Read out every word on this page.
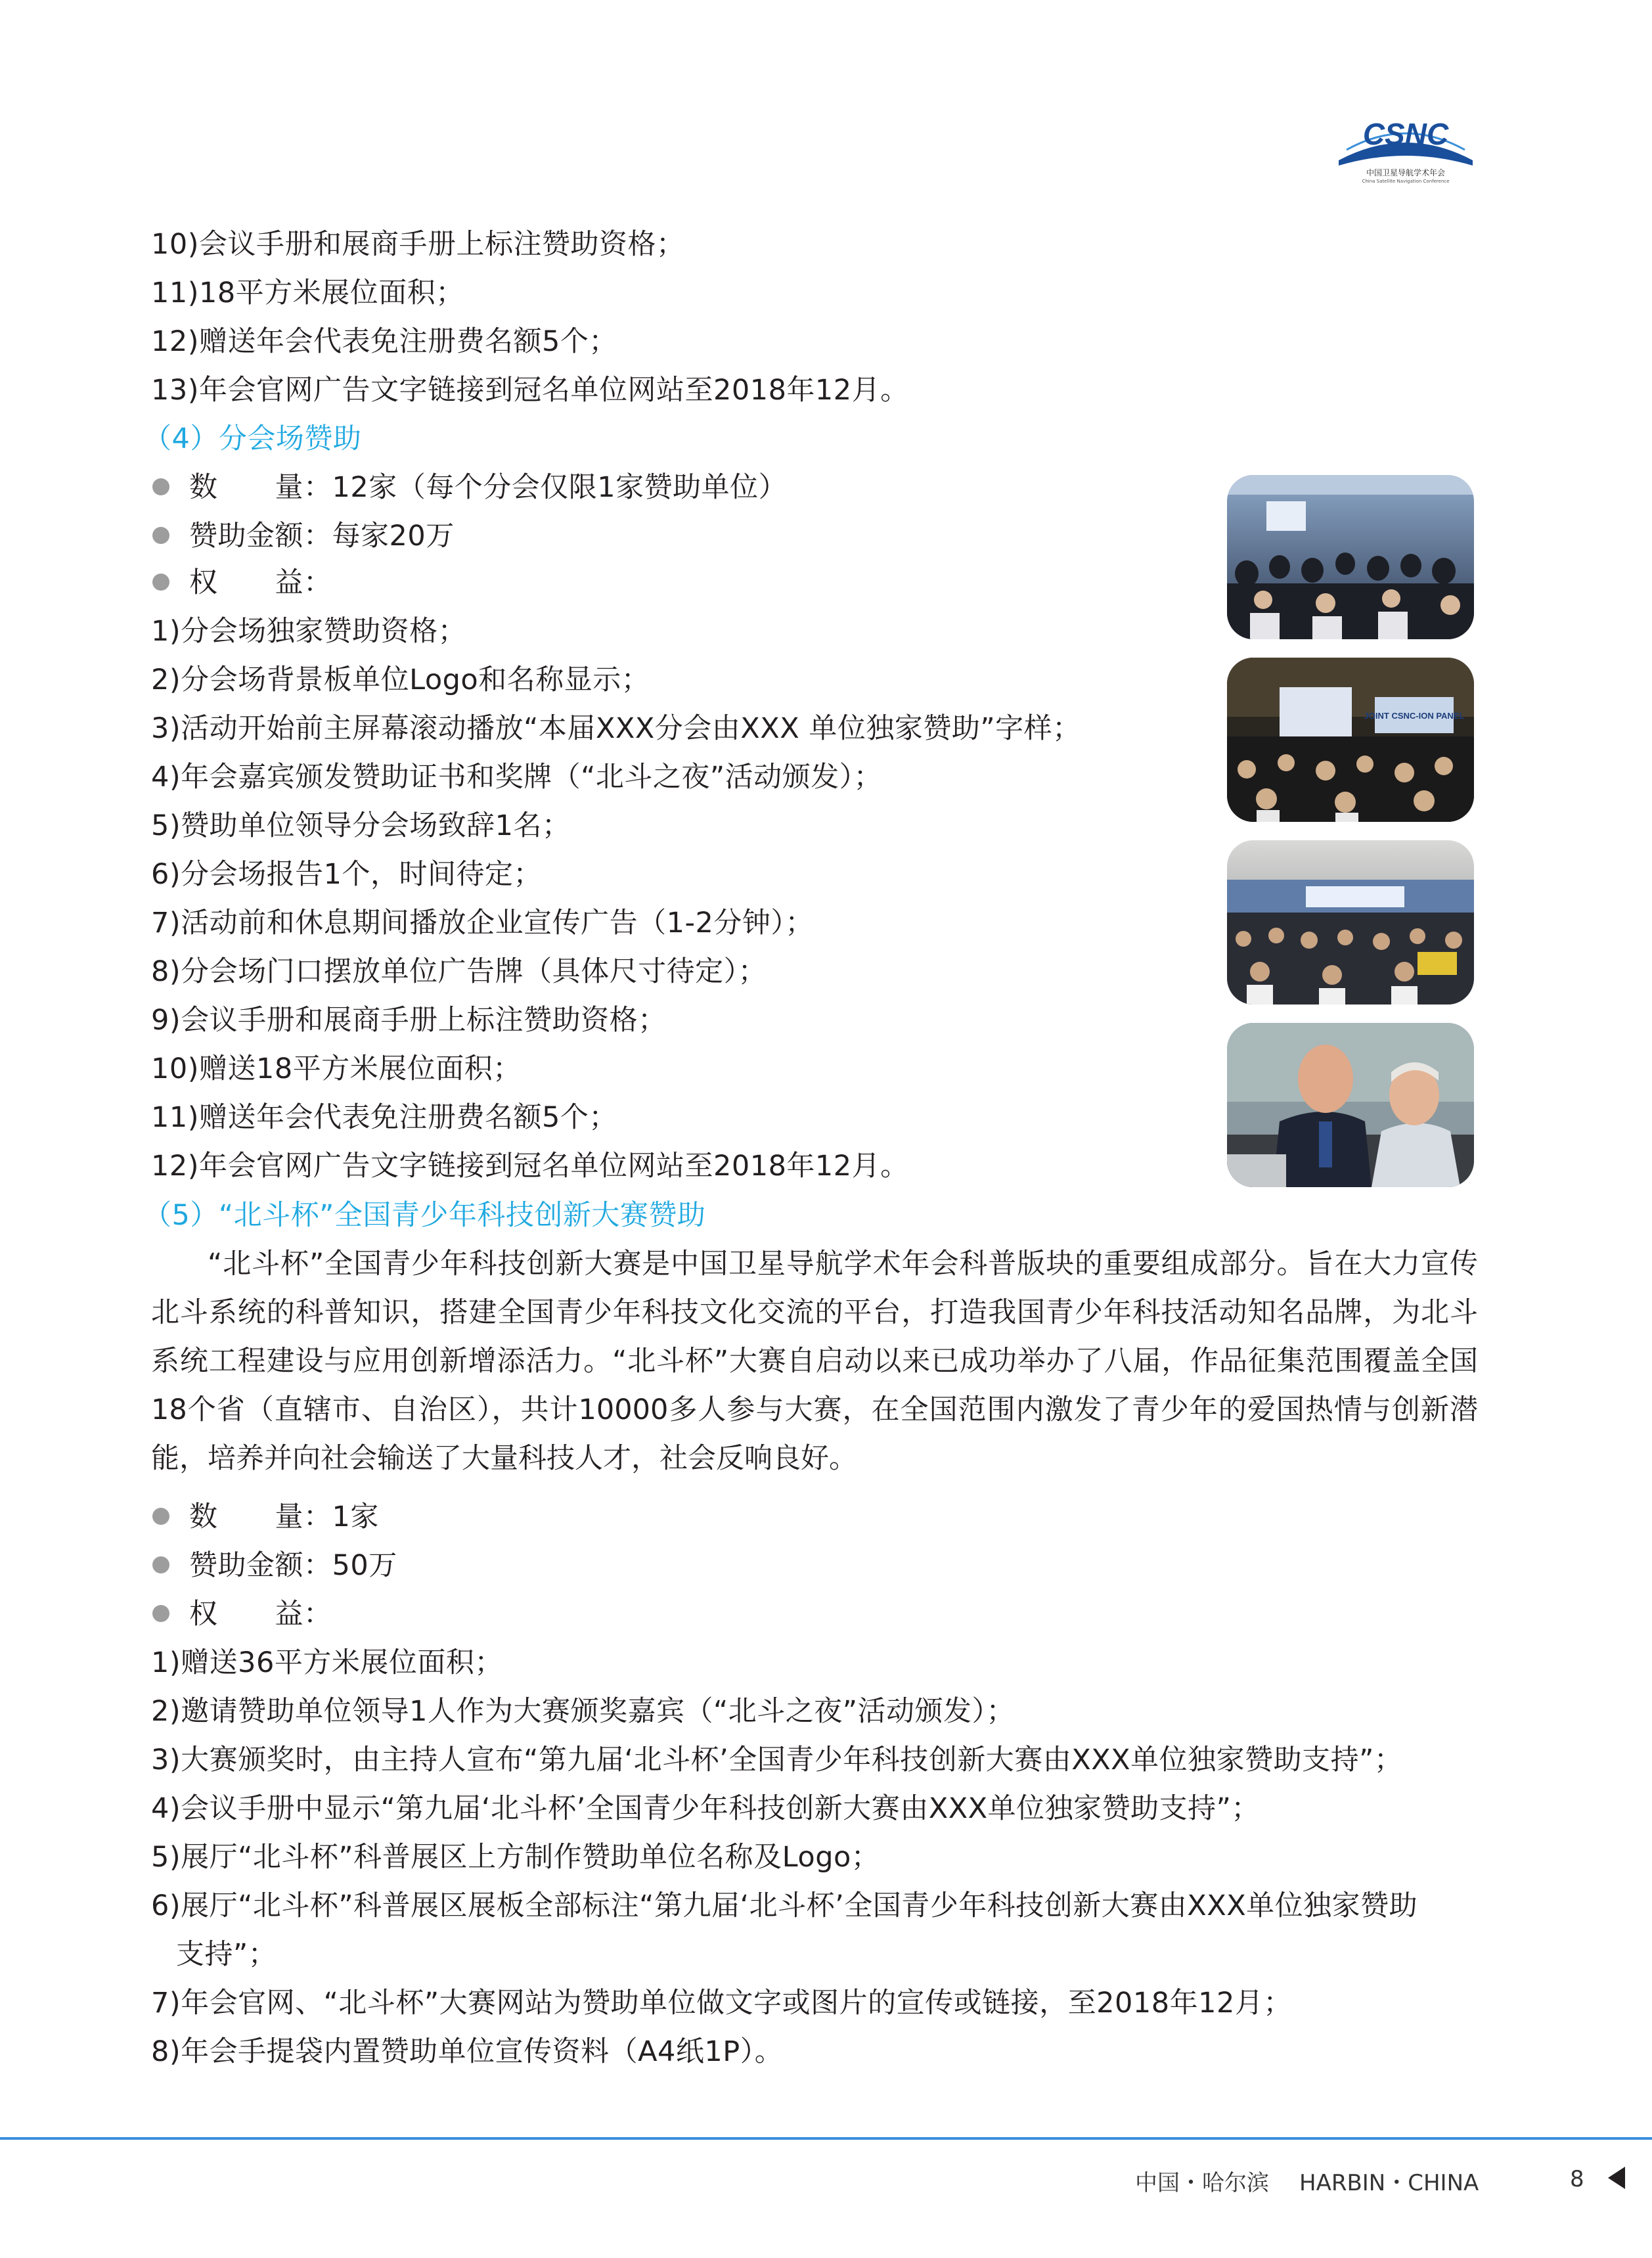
CSNC
中国卫星导航学术年会
China Satellite Navigation Conference
10)会议手册和展商手册上标注赞助资格；
11)18平方米展位面积；
12)赠送年会代表免注册费名额5个；
13)年会官网广告文字链接到冠名单位网站至2018年12月。
（4）分会场赞助
数　　量：12家（每个分会仅限1家赞助单位）
赞助金额：每家20万
权　　益：
1)分会场独家赞助资格；
2)分会场背景板单位Logo和名称显示；
3)活动开始前主屏幕滚动播放“本届XXX分会由XXX 单位独家赞助”字样；
4)年会嘉宾颁发赞助证书和奖牌（“北斗之夜”活动颁发）；
5)赞助单位领导分会场致辞1名；
6)分会场报告1个，时间待定；
7)活动前和休息期间播放企业宣传广告（1-2分钟）；
8)分会场门口摆放单位广告牌（具体尺寸待定）；
9)会议手册和展商手册上标注赞助资格；
10)赠送18平方米展位面积；
11)赠送年会代表免注册费名额5个；
12)年会官网广告文字链接到冠名单位网站至2018年12月。
JOINT CSNC-ION PANEL
（5）“北斗杯”全国青少年科技创新大赛赞助
“北斗杯”全国青少年科技创新大赛是中国卫星导航学术年会科普版块的重要组成部分。旨在大力宣传北斗系统的科普知识，搭建全国青少年科技文化交流的平台，打造我国青少年科技活动知名品牌，为北斗系统工程建设与应用创新增添活力。“北斗杯”大赛自启动以来已成功举办了八届，作品征集范围覆盖全国18个省（直辖市、自治区），共计10000多人参与大赛，在全国范围内激发了青少年的爱国热情与创新潜能，培养并向社会输送了大量科技人才，社会反响良好。
数　　量：1家
赞助金额：50万
权　　益：
1)赠送36平方米展位面积；
2)邀请赞助单位领导1人作为大赛颁奖嘉宾（“北斗之夜”活动颁发）；
3)大赛颁奖时，由主持人宣布“第九届‘北斗杯’全国青少年科技创新大赛由XXX单位独家赞助支持”；
4)会议手册中显示“第九届‘北斗杯’全国青少年科技创新大赛由XXX单位独家赞助支持”；
5)展厅“北斗杯”科普展区上方制作赞助单位名称及Logo；
6)展厅“北斗杯”科普展区展板全部标注“第九届‘北斗杯’全国青少年科技创新大赛由XXX单位独家赞助
支持”；
7)年会官网、“北斗杯”大赛网站为赞助单位做文字或图片的宣传或链接，至2018年12月；
8)年会手提袋内置赞助单位宣传资料（A4纸1P）。
中国・哈尔滨 HARBIN・CHINA	8
